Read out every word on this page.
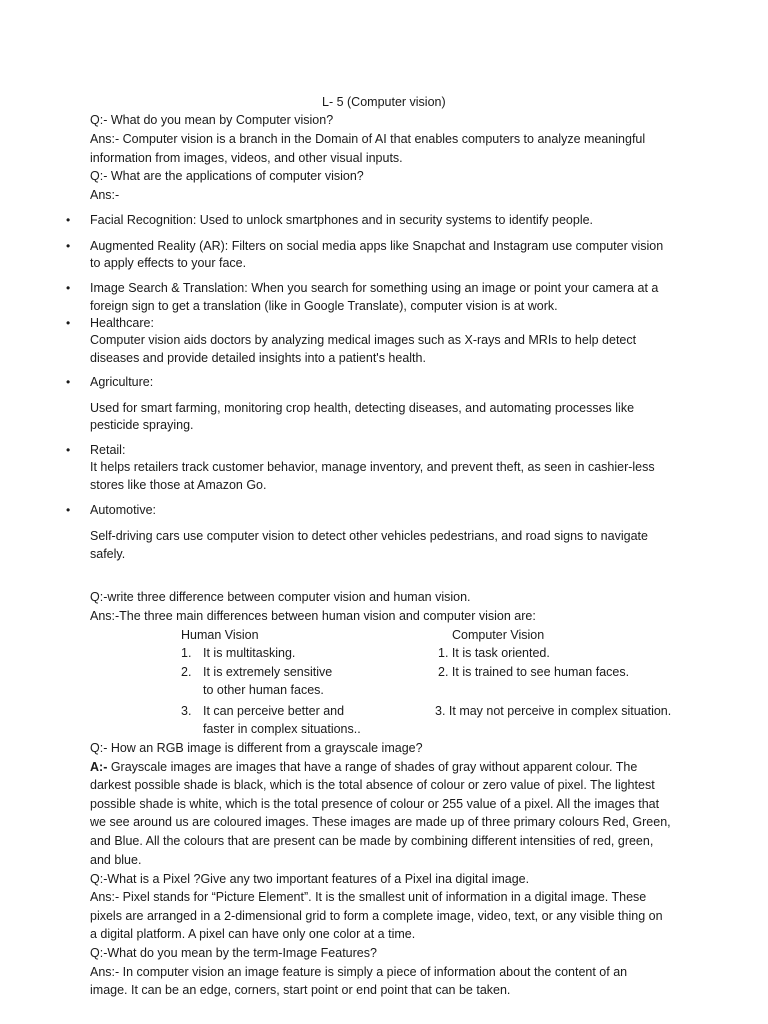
L- 5 (Computer vision)
Q:- What do you mean by Computer vision?
Ans:- Computer vision is a branch in the Domain of AI that enables computers to analyze meaningful
information from images, videos, and other visual inputs.
Q:- What are the applications of computer vision?
Ans:-
• Facial Recognition: Used to unlock smartphones and in security systems to identify people.
• Augmented Reality (AR): Filters on social media apps like Snapchat and Instagram use computer vision
to apply effects to your face.
• Image Search & Translation: When you search for something using an image or point your camera at a
foreign sign to get a translation (like in Google Translate), computer vision is at work.
• Healthcare:
Computer vision aids doctors by analyzing medical images such as X-rays and MRIs to help detect
diseases and provide detailed insights into a patient's health.
• Agriculture:
Used for smart farming, monitoring crop health, detecting diseases, and automating processes like
pesticide spraying.
• Retail:
It helps retailers track customer behavior, manage inventory, and prevent theft, as seen in cashier-less
stores like those at Amazon Go.
• Automotive:
Self-driving cars use computer vision to detect other vehicles pedestrians, and road signs to navigate
safely.
Q:-write three difference between computer vision and human vision.
Ans:-The three main differences between human vision and computer vision are:
Human Vision	Computer Vision
1. It is multitasking.	1. It is task oriented.
2. It is extremely sensitive	2. It is trained to see human faces.
to other human faces.
3. It can perceive better and	3. It may not perceive in complex situation.
faster in complex situations..
Q:- How an RGB image is different from a grayscale image?
A:- Grayscale images are images that have a range of shades of gray without apparent colour. The
darkest possible shade is black, which is the total absence of colour or zero value of pixel. The lightest
possible shade is white, which is the total presence of colour or 255 value of a pixel. All the images that
we see around us are coloured images. These images are made up of three primary colours Red, Green,
and Blue. All the colours that are present can be made by combining different intensities of red, green,
and blue.
Q:-What is a Pixel ?Give any two important features of a Pixel ina digital image.
Ans:- Pixel stands for “Picture Element”. It is the smallest unit of information in a digital image. These
pixels are arranged in a 2-dimensional grid to form a complete image, video, text, or any visible thing on
a digital platform. A pixel can have only one color at a time.
Q:-What do you mean by the term-Image Features?
Ans:- In computer vision an image feature is simply a piece of information about the content of an
image. It can be an edge, corners, start point or end point that can be taken.
